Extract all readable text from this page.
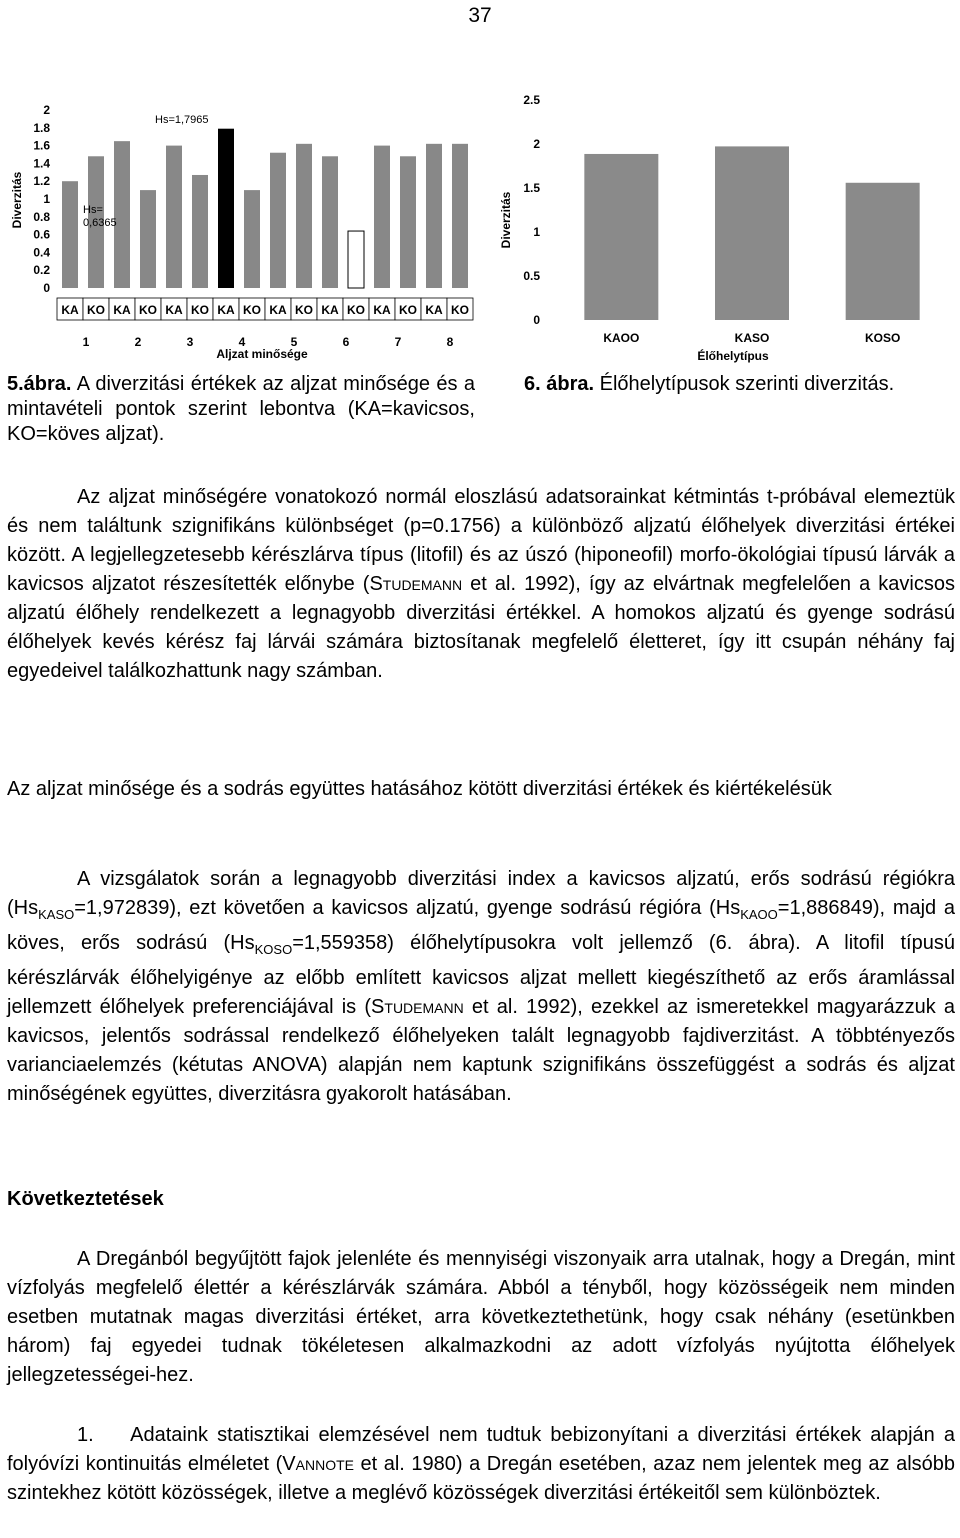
37
0
0.2
0.4
0.6
0.8
1
1.2
1.4
1.6
1.8
2
KA KO KA KO KA KO KA KO KA KO KA KO KA KO KA KO
1	2	3	4	5	6	7	8
Diverzitás
Aljzat minősége
Hs=1,7965
Hs=
0,6365
0
0.5
1
1.5
2
2.5
KAOO	KASO	KOSO
Diverzitás
Élőhelytípus
5.ábra. A diverzitási értékek az aljzat minősége és a mintavételi pontok szerint lebontva (KA=kavicsos, KO=köves aljzat).
6. ábra. Élőhelytípusok szerinti diverzitás.

Az aljzat minőségére vonatokozó normál eloszlású adatsorainkat kétmintás t-próbával elemeztük és nem találtunk szignifikáns különbséget (p=0.1756) a különböző aljzatú élőhelyek diverzitási értékei között. A legjellegzetesebb kérészlárva típus (litofil) és az úszó (hiponeofil) morfo-ökológiai típusú lárvák a kavicsos aljzatot részesítették előnybe (Studemann et al. 1992), így az elvártnak megfelelően a kavicsos aljzatú élőhely rendelkezett a legnagyobb diverzitási értékkel. A homokos aljzatú és gyenge sodrású élőhelyek kevés kérész faj lárvái számára biztosítanak megfelelő életteret, így itt csupán néhány faj egyedeivel találkozhattunk nagy számban.

Az aljzat minősége és a sodrás együttes hatásához kötött diverzitási értékek és kiértékelésük

A vizsgálatok során a legnagyobb diverzitási index a kavicsos aljzatú, erős sodrású régiókra $(Hs_{KASO}=1,972839)$, ezt követően a kavicsos aljzatú, gyenge sodrású régióra $(Hs_{KAOO}=1,886849)$, majd a köves, erős sodrású $(Hs_{KOSO}=1,559358)$ élőhelytípusokra volt jellemző (6. ábra). A litofil típusú kérészlárvák élőhelyigénye az előbb említett kavicsos aljzat mellett kiegészíthető az erős áramlással jellemzett élőhelyek preferenciájával is (Studemann et al. 1992), ezekkel az ismeretekkel magyarázzuk a kavicsos, jelentős sodrással rendelkező élőhelyeken talált legnagyobb fajdiverzitást. A többtényezős varianciaelemzés (kétutas ANOVA) alapján nem kaptunk szignifikáns összefüggést a sodrás és aljzat minőségének együttes, diverzitásra gyakorolt hatásában.

Következtetések

A Dregánból begyűjtött fajok jelenléte és mennyiségi viszonyaik arra utalnak, hogy a Dregán, mint vízfolyás megfelelő élettér a kérészlárvák számára. Abból a tényből, hogy közösségeik nem minden esetben mutatnak magas diverzitási értéket, arra következtethetünk, hogy csak néhány (esetünkben három) faj egyedei tudnak tökéletesen alkalmazkodni az adott vízfolyás nyújtotta élőhelyek jellegzetességei-hez.

1. Adataink statisztikai elemzésével nem tudtuk bebizonyítani a diverzitási értékek alapján a folyóvízi kontinuitás elméletet (Vannote et al. 1980) a Dregán esetében, azaz nem jelentek meg az alsóbb szintekhez kötött közösségek, illetve a meglévő közösségek diverzitási értékeitől sem különböztek.
